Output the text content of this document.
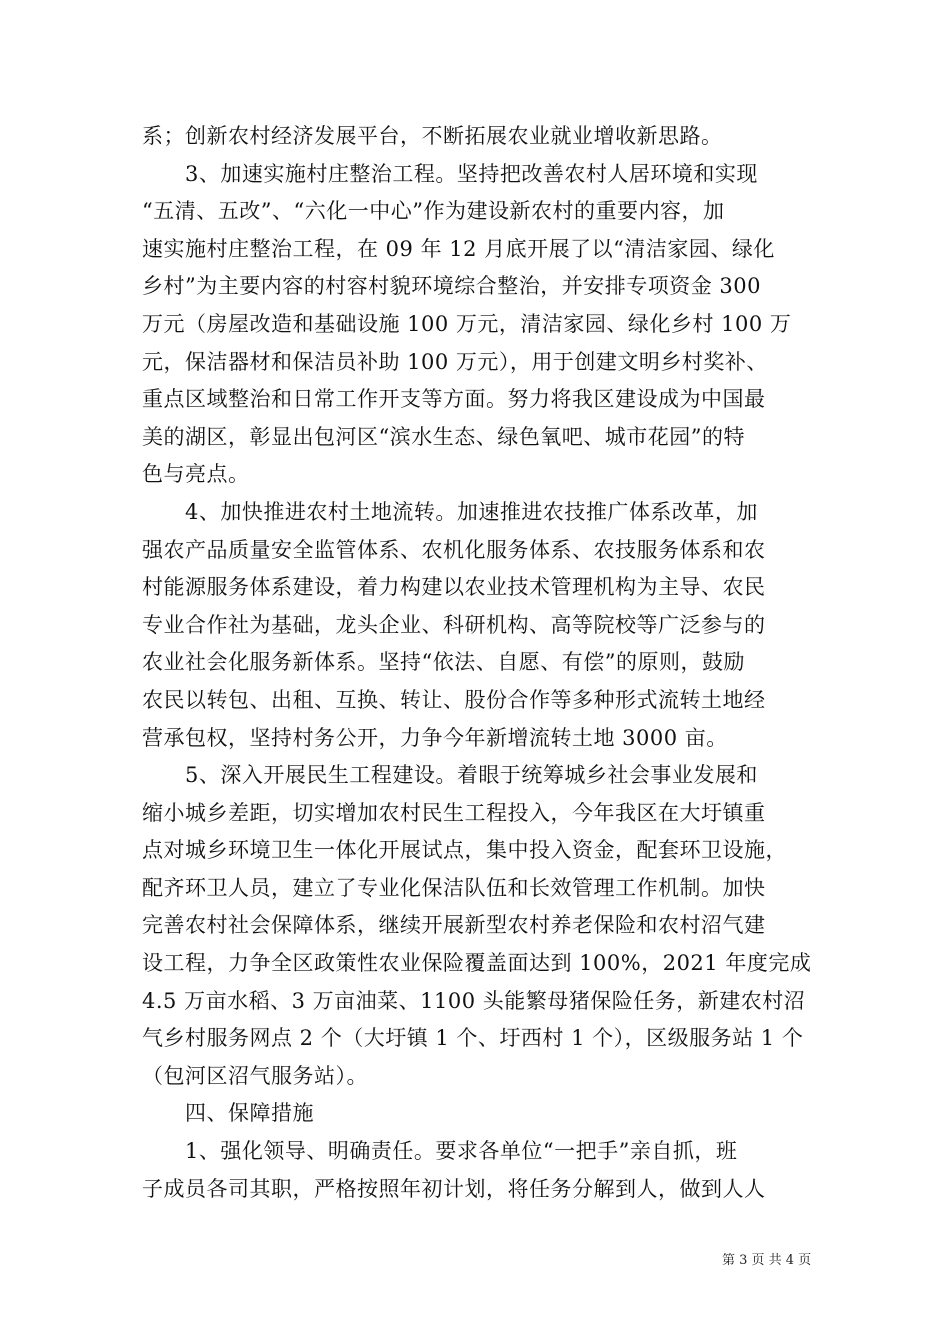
系；创新农村经济发展平台，不断拓展农业就业增收新思路。
3、加速实施村庄整治工程。坚持把改善农村人居环境和实现
“五清、五改”、“六化一中心”作为建设新农村的重要内容，加
速实施村庄整治工程，在 09 年 12 月底开展了以“清洁家园、绿化
乡村”为主要内容的村容村貌环境综合整治，并安排专项资金 300
万元（房屋改造和基础设施 100 万元，清洁家园、绿化乡村 100 万
元，保洁器材和保洁员补助 100 万元），用于创建文明乡村奖补、
重点区域整治和日常工作开支等方面。努力将我区建设成为中国最
美的湖区，彰显出包河区“滨水生态、绿色氧吧、城市花园”的特
色与亮点。
4、加快推进农村土地流转。加速推进农技推广体系改革，加
强农产品质量安全监管体系、农机化服务体系、农技服务体系和农
村能源服务体系建设，着力构建以农业技术管理机构为主导、农民
专业合作社为基础，龙头企业、科研机构、高等院校等广泛参与的
农业社会化服务新体系。坚持“依法、自愿、有偿”的原则，鼓励
农民以转包、出租、互换、转让、股份合作等多种形式流转土地经
营承包权，坚持村务公开，力争今年新增流转土地 3000 亩。
5、深入开展民生工程建设。着眼于统筹城乡社会事业发展和
缩小城乡差距，切实增加农村民生工程投入，今年我区在大圩镇重
点对城乡环境卫生一体化开展试点，集中投入资金，配套环卫设施，
配齐环卫人员，建立了专业化保洁队伍和长效管理工作机制。加快
完善农村社会保障体系，继续开展新型农村养老保险和农村沼气建
设工程，力争全区政策性农业保险覆盖面达到 100%，2021 年度完成
4.5 万亩水稻、3 万亩油菜、1100 头能繁母猪保险任务，新建农村沼
气乡村服务网点 2 个（大圩镇 1 个、圩西村 1 个），区级服务站 1 个
（包河区沼气服务站）。
四、保障措施
1、强化领导、明确责任。要求各单位“一把手”亲自抓，班
子成员各司其职，严格按照年初计划，将任务分解到人，做到人人
第 3 页 共 4 页
